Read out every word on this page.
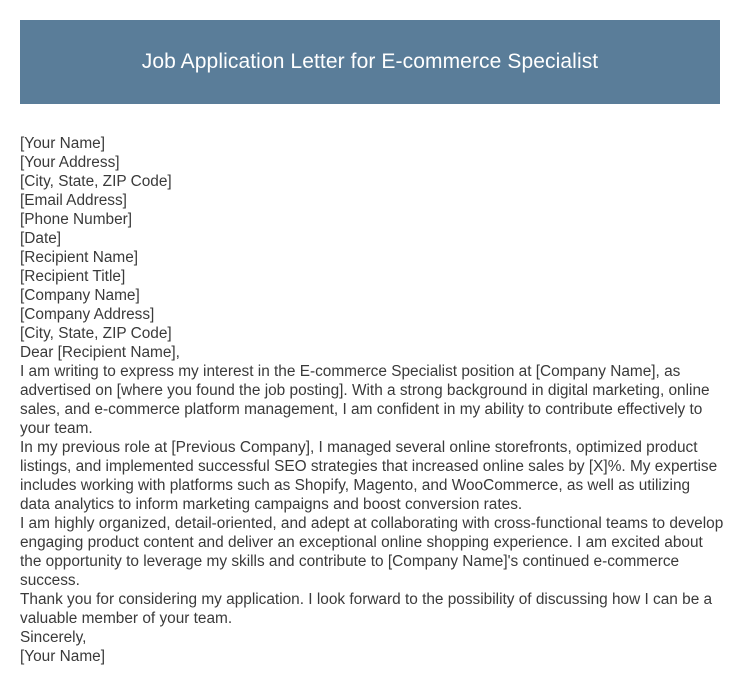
Job Application Letter for E-commerce Specialist
[Your Name]
[Your Address]
[City, State, ZIP Code]
[Email Address]
[Phone Number]
[Date]
[Recipient Name]
[Recipient Title]
[Company Name]
[Company Address]
[City, State, ZIP Code]
Dear [Recipient Name],
I am writing to express my interest in the E-commerce Specialist position at [Company Name], as advertised on [where you found the job posting]. With a strong background in digital marketing, online sales, and e-commerce platform management, I am confident in my ability to contribute effectively to your team.
In my previous role at [Previous Company], I managed several online storefronts, optimized product listings, and implemented successful SEO strategies that increased online sales by [X]%. My expertise includes working with platforms such as Shopify, Magento, and WooCommerce, as well as utilizing data analytics to inform marketing campaigns and boost conversion rates.
I am highly organized, detail-oriented, and adept at collaborating with cross-functional teams to develop engaging product content and deliver an exceptional online shopping experience. I am excited about the opportunity to leverage my skills and contribute to [Company Name]'s continued e-commerce success.
Thank you for considering my application. I look forward to the possibility of discussing how I can be a valuable member of your team.
Sincerely,
[Your Name]
